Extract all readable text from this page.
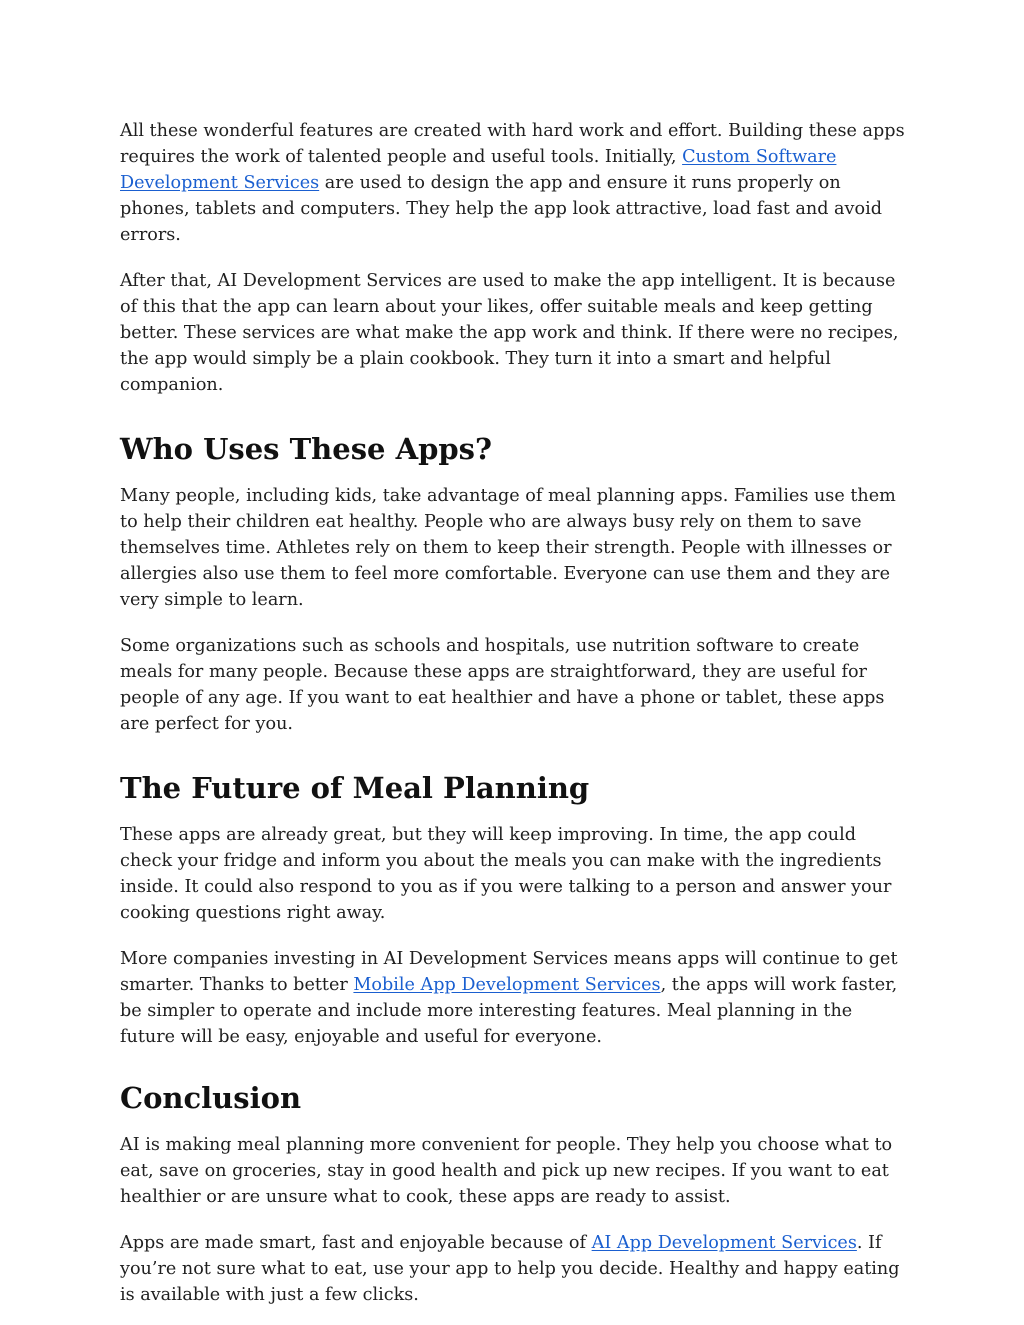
All these wonderful features are created with hard work and effort. Building these apps requires the work of talented people and useful tools. Initially, Custom Software Development Services are used to design the app and ensure it runs properly on phones, tablets and computers. They help the app look attractive, load fast and avoid errors.

After that, AI Development Services are used to make the app intelligent. It is because of this that the app can learn about your likes, offer suitable meals and keep getting better. These services are what make the app work and think. If there were no recipes, the app would simply be a plain cookbook. They turn it into a smart and helpful companion.

Who Uses These Apps?

Many people, including kids, take advantage of meal planning apps. Families use them to help their children eat healthy. People who are always busy rely on them to save themselves time. Athletes rely on them to keep their strength. People with illnesses or allergies also use them to feel more comfortable. Everyone can use them and they are very simple to learn.

Some organizations such as schools and hospitals, use nutrition software to create meals for many people. Because these apps are straightforward, they are useful for people of any age. If you want to eat healthier and have a phone or tablet, these apps are perfect for you.

The Future of Meal Planning

These apps are already great, but they will keep improving. In time, the app could check your fridge and inform you about the meals you can make with the ingredients inside. It could also respond to you as if you were talking to a person and answer your cooking questions right away.

More companies investing in AI Development Services means apps will continue to get smarter. Thanks to better Mobile App Development Services, the apps will work faster, be simpler to operate and include more interesting features. Meal planning in the future will be easy, enjoyable and useful for everyone.

Conclusion

AI is making meal planning more convenient for people. They help you choose what to eat, save on groceries, stay in good health and pick up new recipes. If you want to eat healthier or are unsure what to cook, these apps are ready to assist.

Apps are made smart, fast and enjoyable because of AI App Development Services. If you’re not sure what to eat, use your app to help you decide. Healthy and happy eating is available with just a few clicks.
